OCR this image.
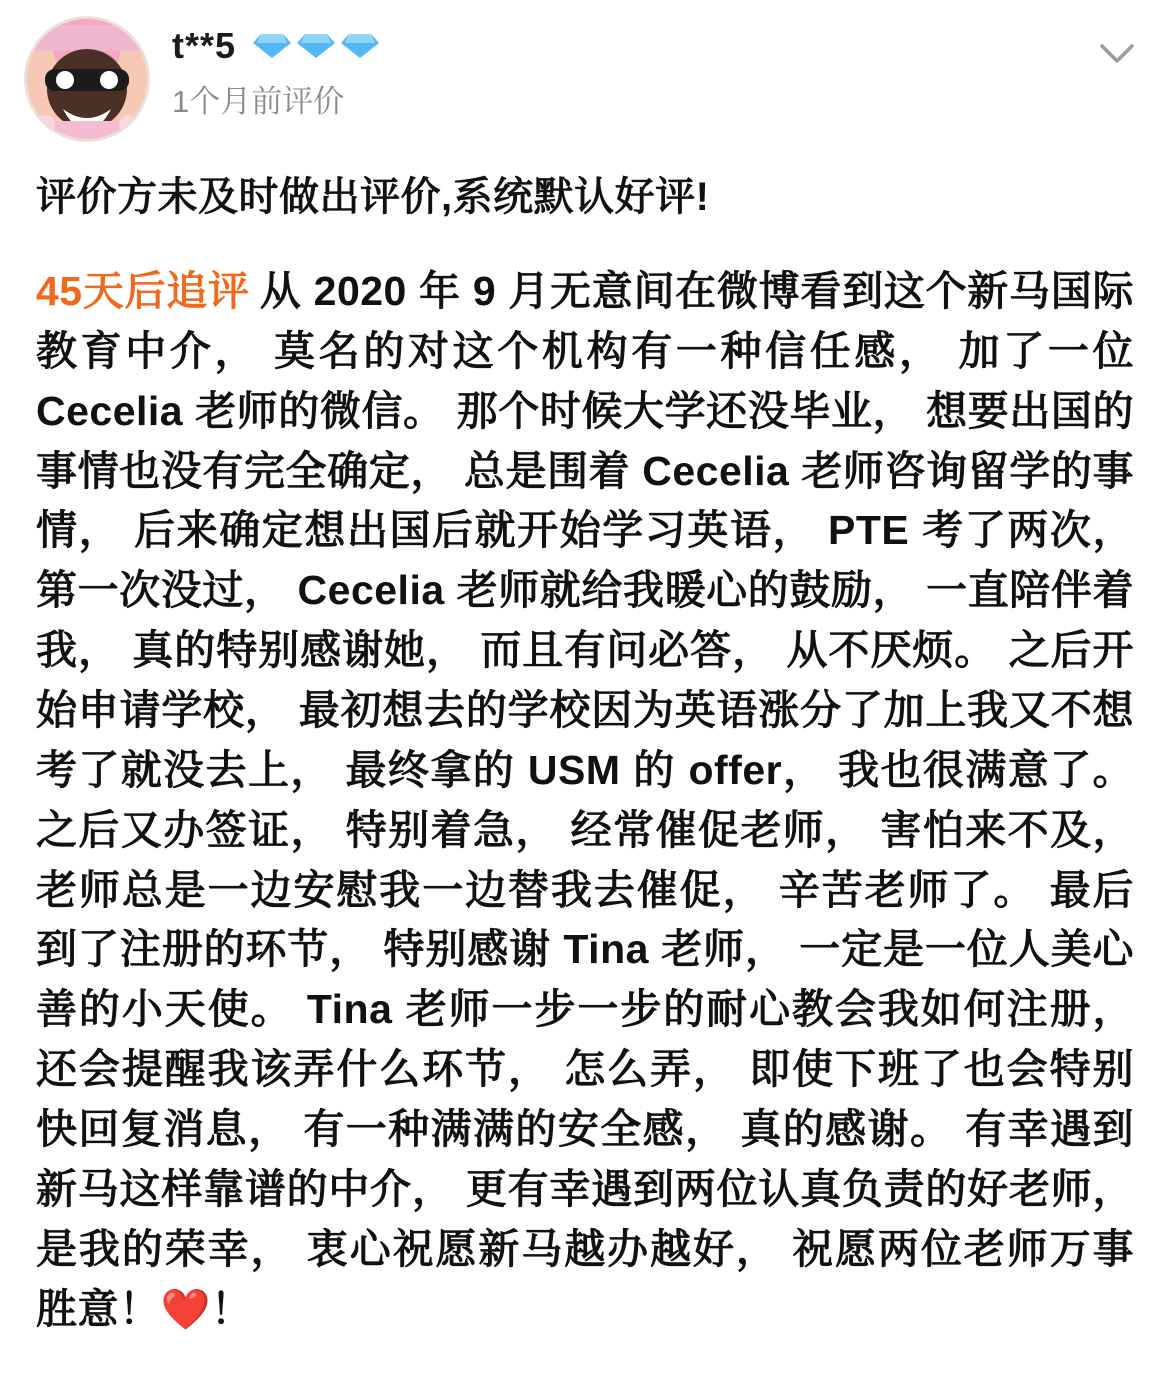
t**5
1个月前评价

评价方未及时做出评价,系统默认好评!

45天后追评 从 2020 年 9 月无意间在微博看到这个新马国际教育中介， 莫名的对这个机构有一种信任感， 加了一位 Cecelia 老师的微信。 那个时候大学还没毕业， 想要出国的事情也没有完全确定， 总是围着 Cecelia 老师咨询留学的事情， 后来确定想出国后就开始学习英语， PTE 考了两次， 第一次没过， Cecelia 老师就给我暖心的鼓励， 一直陪伴着我， 真的特别感谢她， 而且有问必答， 从不厌烦。 之后开始申请学校， 最初想去的学校因为英语涨分了加上我又不想考了就没去上， 最终拿的 USM 的 offer， 我也很满意了。 之后又办签证， 特别着急， 经常催促老师， 害怕来不及， 老师总是一边安慰我一边替我去催促， 辛苦老师了。 最后到了注册的环节， 特别感谢 Tina 老师， 一定是一位人美心善的小天使。 Tina 老师一步一步的耐心教会我如何注册， 还会提醒我该弄什么环节， 怎么弄， 即使下班了也会特别快回复消息， 有一种满满的安全感， 真的感谢。 有幸遇到新马这样靠谱的中介， 更有幸遇到两位认真负责的好老师， 是我的荣幸， 衷心祝愿新马越办越好， 祝愿两位老师万事胜意！❤️！
